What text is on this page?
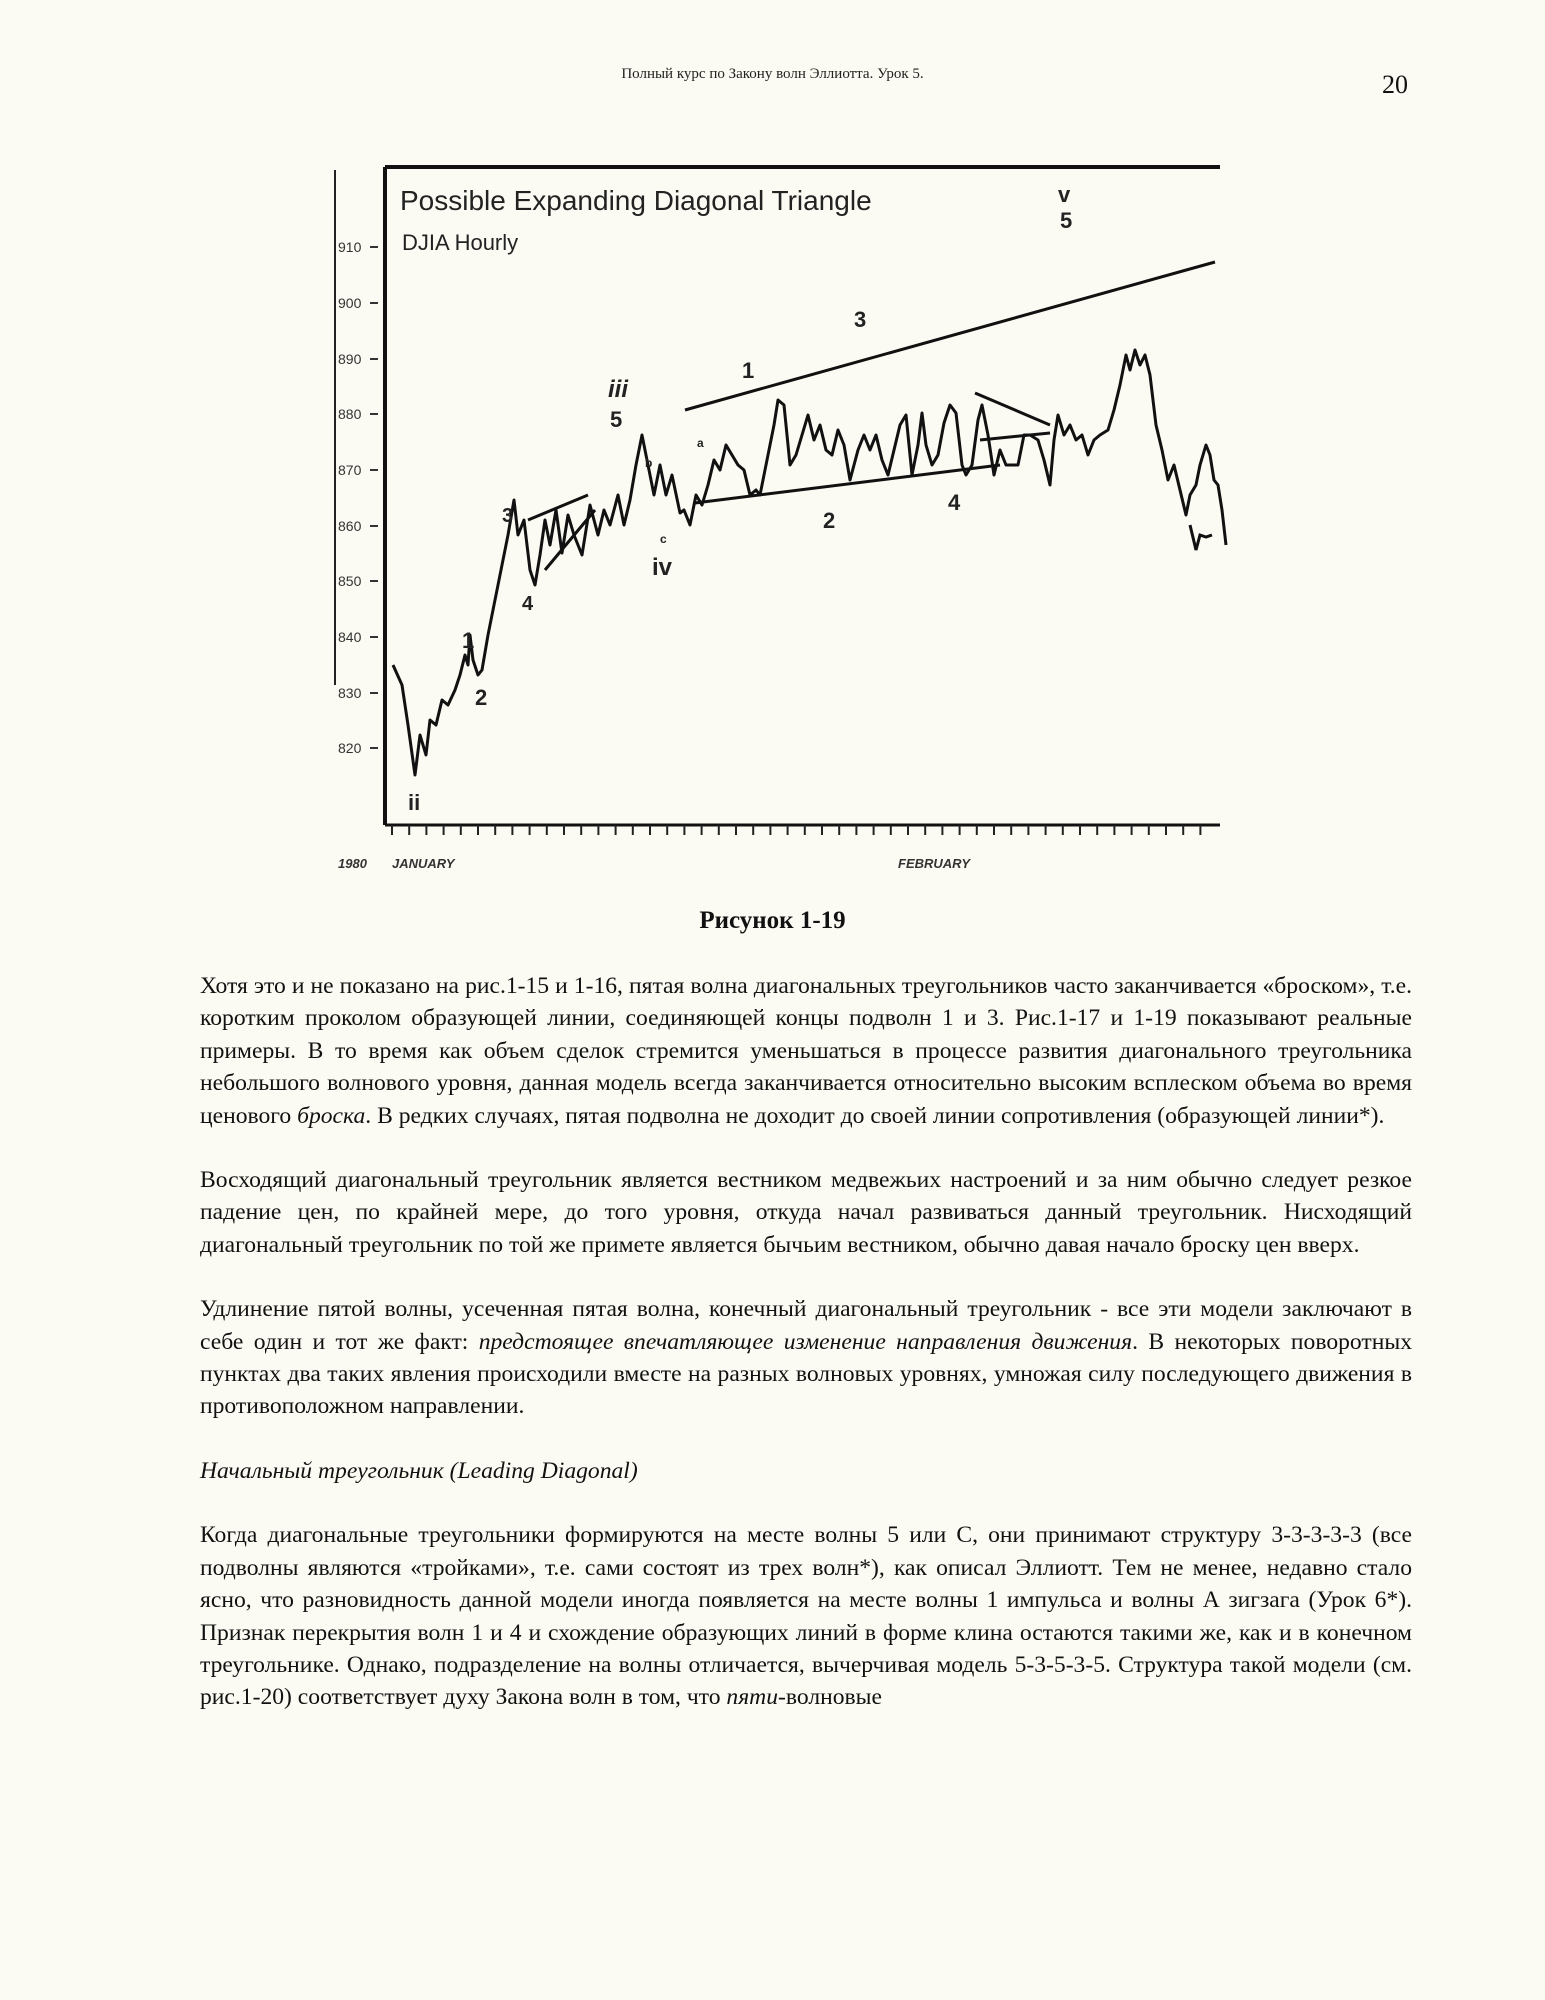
Полный курс по Закону волн Эллиотта. Урок 5.	20
Possible Expanding Diagonal Triangle
DJIA Hourly
910
900
890
880
870
860
850
840
830
820
1980 JANUARY	FEBRUARY
ii
1
2
3
4
iii
5
iv
1
2
3
4
v
5
a
b
c
Рисунок 1-19

Хотя это и не показано на рис.1-15 и 1-16, пятая волна диагональных треугольников часто заканчивается «броском», т.е. коротким проколом образующей линии, соединяющей концы подволн 1 и 3. Рис.1-17 и 1-19 показывают реальные примеры. В то время как объем сделок стремится уменьшаться в процессе развития диагонального треугольника небольшого волнового уровня, данная модель всегда заканчивается относительно высоким всплеском объема во время ценового броска. В редких случаях, пятая подволна не доходит до своей линии сопротивления (образующей линии*).

Восходящий диагональный треугольник является вестником медвежьих настроений и за ним обычно следует резкое падение цен, по крайней мере, до того уровня, откуда начал развиваться данный треугольник. Нисходящий диагональный треугольник по той же примете является бычьим вестником, обычно давая начало броску цен вверх.

Удлинение пятой волны, усеченная пятая волна, конечный диагональный треугольник - все эти модели заключают в себе один и тот же факт: предстоящее впечатляющее изменение направления движения. В некоторых поворотных пунктах два таких явления происходили вместе на разных волновых уровнях, умножая силу последующего движения в противоположном направлении.

Начальный треугольник (Leading Diagonal)

Когда диагональные треугольники формируются на месте волны 5 или С, они принимают структуру 3-3-3-3-3 (все подволны являются «тройками», т.е. сами состоят из трех волн*), как описал Эллиотт. Тем не менее, недавно стало ясно, что разновидность данной модели иногда появляется на месте волны 1 импульса и волны А зигзага (Урок 6*). Признак перекрытия волн 1 и 4 и схождение образующих линий в форме клина остаются такими же, как и в конечном треугольнике. Однако, подразделение на волны отличается, вычерчивая модель 5-3-5-3-5. Структура такой модели (см. рис.1-20) соответствует духу Закона волн в том, что пяти-волновые
